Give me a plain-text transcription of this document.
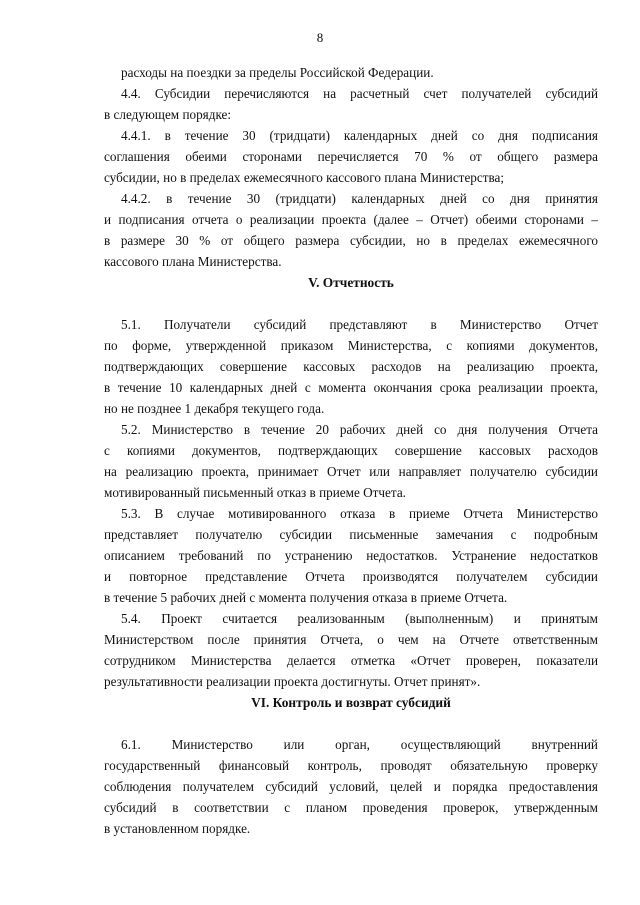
8
расходы на поездки за пределы Российской Федерации.
4.4. Субсидии перечисляются на расчетный счет получателей субсидий
в следующем порядке:
4.4.1. в течение 30 (тридцати) календарных дней со дня подписания
соглашения обеими сторонами перечисляется 70 % от общего размера
субсидии, но в пределах ежемесячного кассового плана Министерства;
4.4.2. в течение 30 (тридцати) календарных дней со дня принятия
и подписания отчета о реализации проекта (далее – Отчет) обеими сторонами –
в размере 30 % от общего размера субсидии, но в пределах ежемесячного
кассового плана Министерства.
V. Отчетность
5.1. Получатели субсидий представляют в Министерство Отчет
по форме, утвержденной приказом Министерства, с копиями документов,
подтверждающих совершение кассовых расходов на реализацию проекта,
в течение 10 календарных дней с момента окончания срока реализации проекта,
но не позднее 1 декабря текущего года.
5.2. Министерство в течение 20 рабочих дней со дня получения Отчета
с копиями документов, подтверждающих совершение кассовых расходов
на реализацию проекта, принимает Отчет или направляет получателю субсидии
мотивированный письменный отказ в приеме Отчета.
5.3. В случае мотивированного отказа в приеме Отчета Министерство
представляет получателю субсидии письменные замечания с подробным
описанием требований по устранению недостатков. Устранение недостатков
и повторное представление Отчета производятся получателем субсидии
в течение 5 рабочих дней с момента получения отказа в приеме Отчета.
5.4. Проект считается реализованным (выполненным) и принятым
Министерством после принятия Отчета, о чем на Отчете ответственным
сотрудником Министерства делается отметка «Отчет проверен, показатели
результативности реализации проекта достигнуты. Отчет принят».
VI. Контроль и возврат субсидий
6.1. Министерство или орган, осуществляющий внутренний
государственный финансовый контроль, проводят обязательную проверку
соблюдения получателем субсидий условий, целей и порядка предоставления
субсидий в соответствии с планом проведения проверок, утвержденным
в установленном порядке.
